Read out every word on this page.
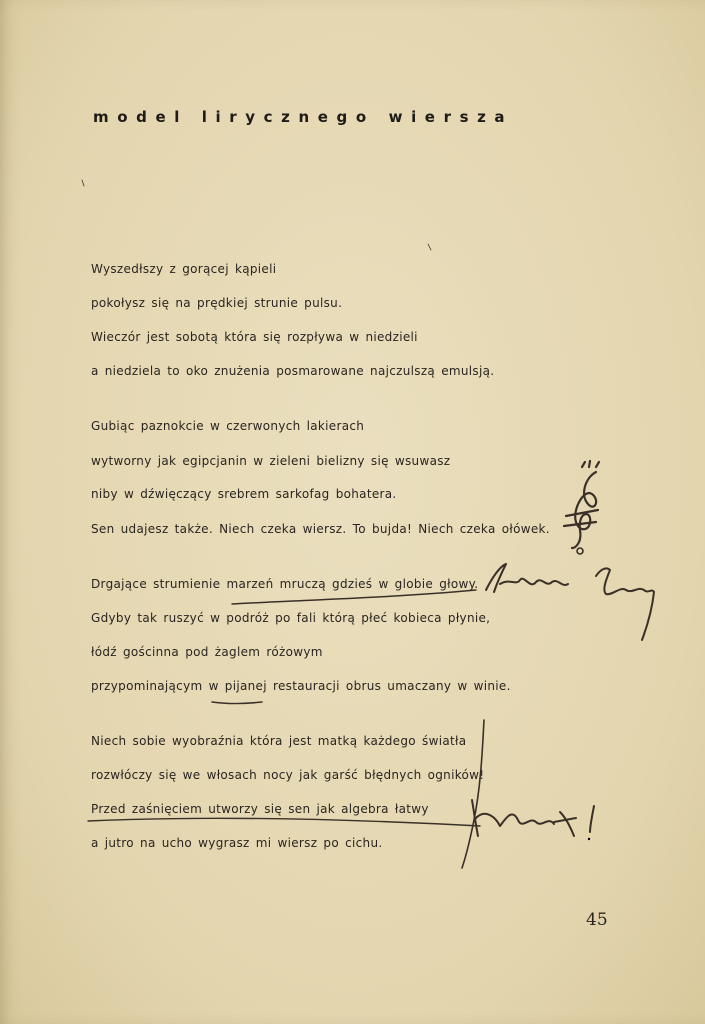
model lirycznego wiersza
Wyszedłszy z gorącej kąpieli
pokołysz się na prędkiej strunie pulsu.
Wieczór jest sobotą która się rozpływa w niedzieli
a niedziela to oko znużenia posmarowane najczulszą emulsją.
Gubiąc paznokcie w czerwonych lakierach
wytworny jak egipcjanin w zieleni bielizny się wsuwasz
niby w dźwięczący srebrem sarkofag bohatera.
Sen udajesz także. Niech czeka wiersz. To bujda! Niech czeka ołówek.
Drgające strumienie marzeń mruczą gdzieś w globie głowy.
Gdyby tak ruszyć w podróż po fali którą płeć kobieca płynie,
łódź gościnna pod żaglem różowym
przypominającym w pijanej restauracji obrus umaczany w winie.
Niech sobie wyobraźnia która jest matką każdego światła
rozwłóczy się we włosach nocy jak garść błędnych ogników!
Przed zaśnięciem utworzy się sen jak algebra łatwy
a jutro na ucho wygrasz mi wiersz po cichu.
45
